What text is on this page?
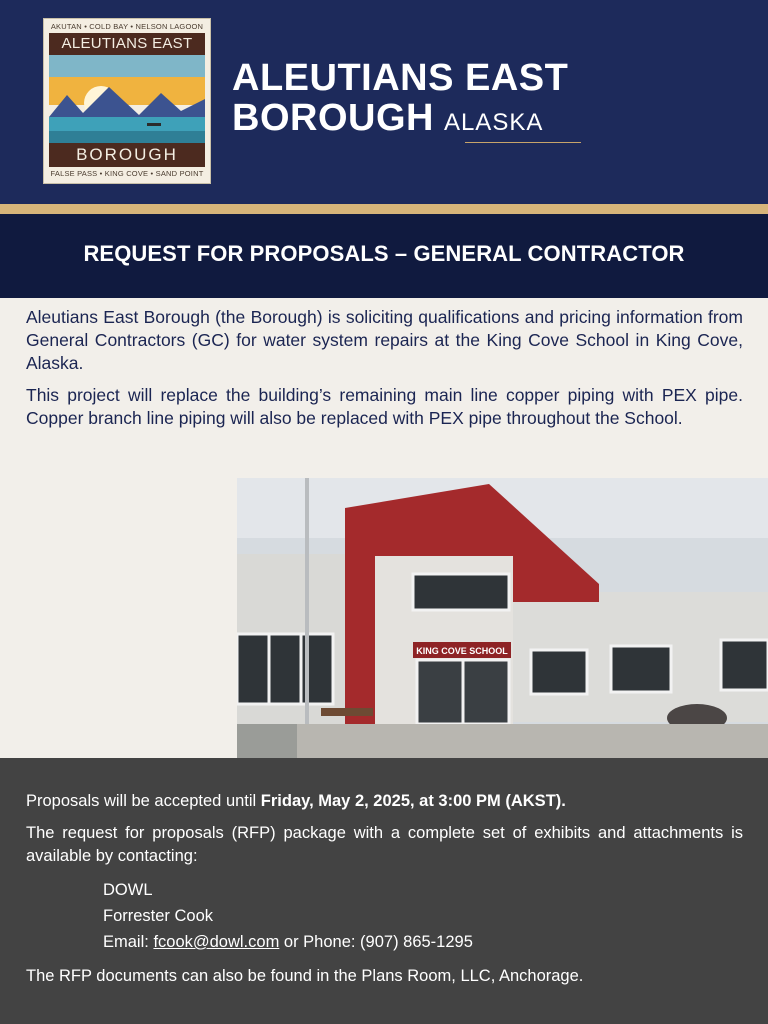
AKUTAN • COLD BAY • NELSON LAGOON
ALEUTIANS EAST
BOROUGH
FALSE PASS • KING COVE • SAND POINT
ALEUTIANS EAST
BOROUGH ALASKA
REQUEST FOR PROPOSALS – GENERAL CONTRACTOR

Aleutians East Borough (the Borough) is soliciting qualifications and pricing information from General Contractors (GC) for water system repairs at the King Cove School in King Cove, Alaska.

This project will replace the building’s remaining main line copper piping with PEX pipe. Copper branch line piping will also be replaced with PEX pipe throughout the School.

KING COVE SCHOOL

Proposals will be accepted until Friday, May 2, 2025, at 3:00 PM (AKST).

The request for proposals (RFP) package with a complete set of exhibits and attachments is available by contacting:

DOWL
Forrester Cook
Email: fcook@dowl.com or Phone: (907) 865-1295

The RFP documents can also be found in the Plans Room, LLC, Anchorage.
